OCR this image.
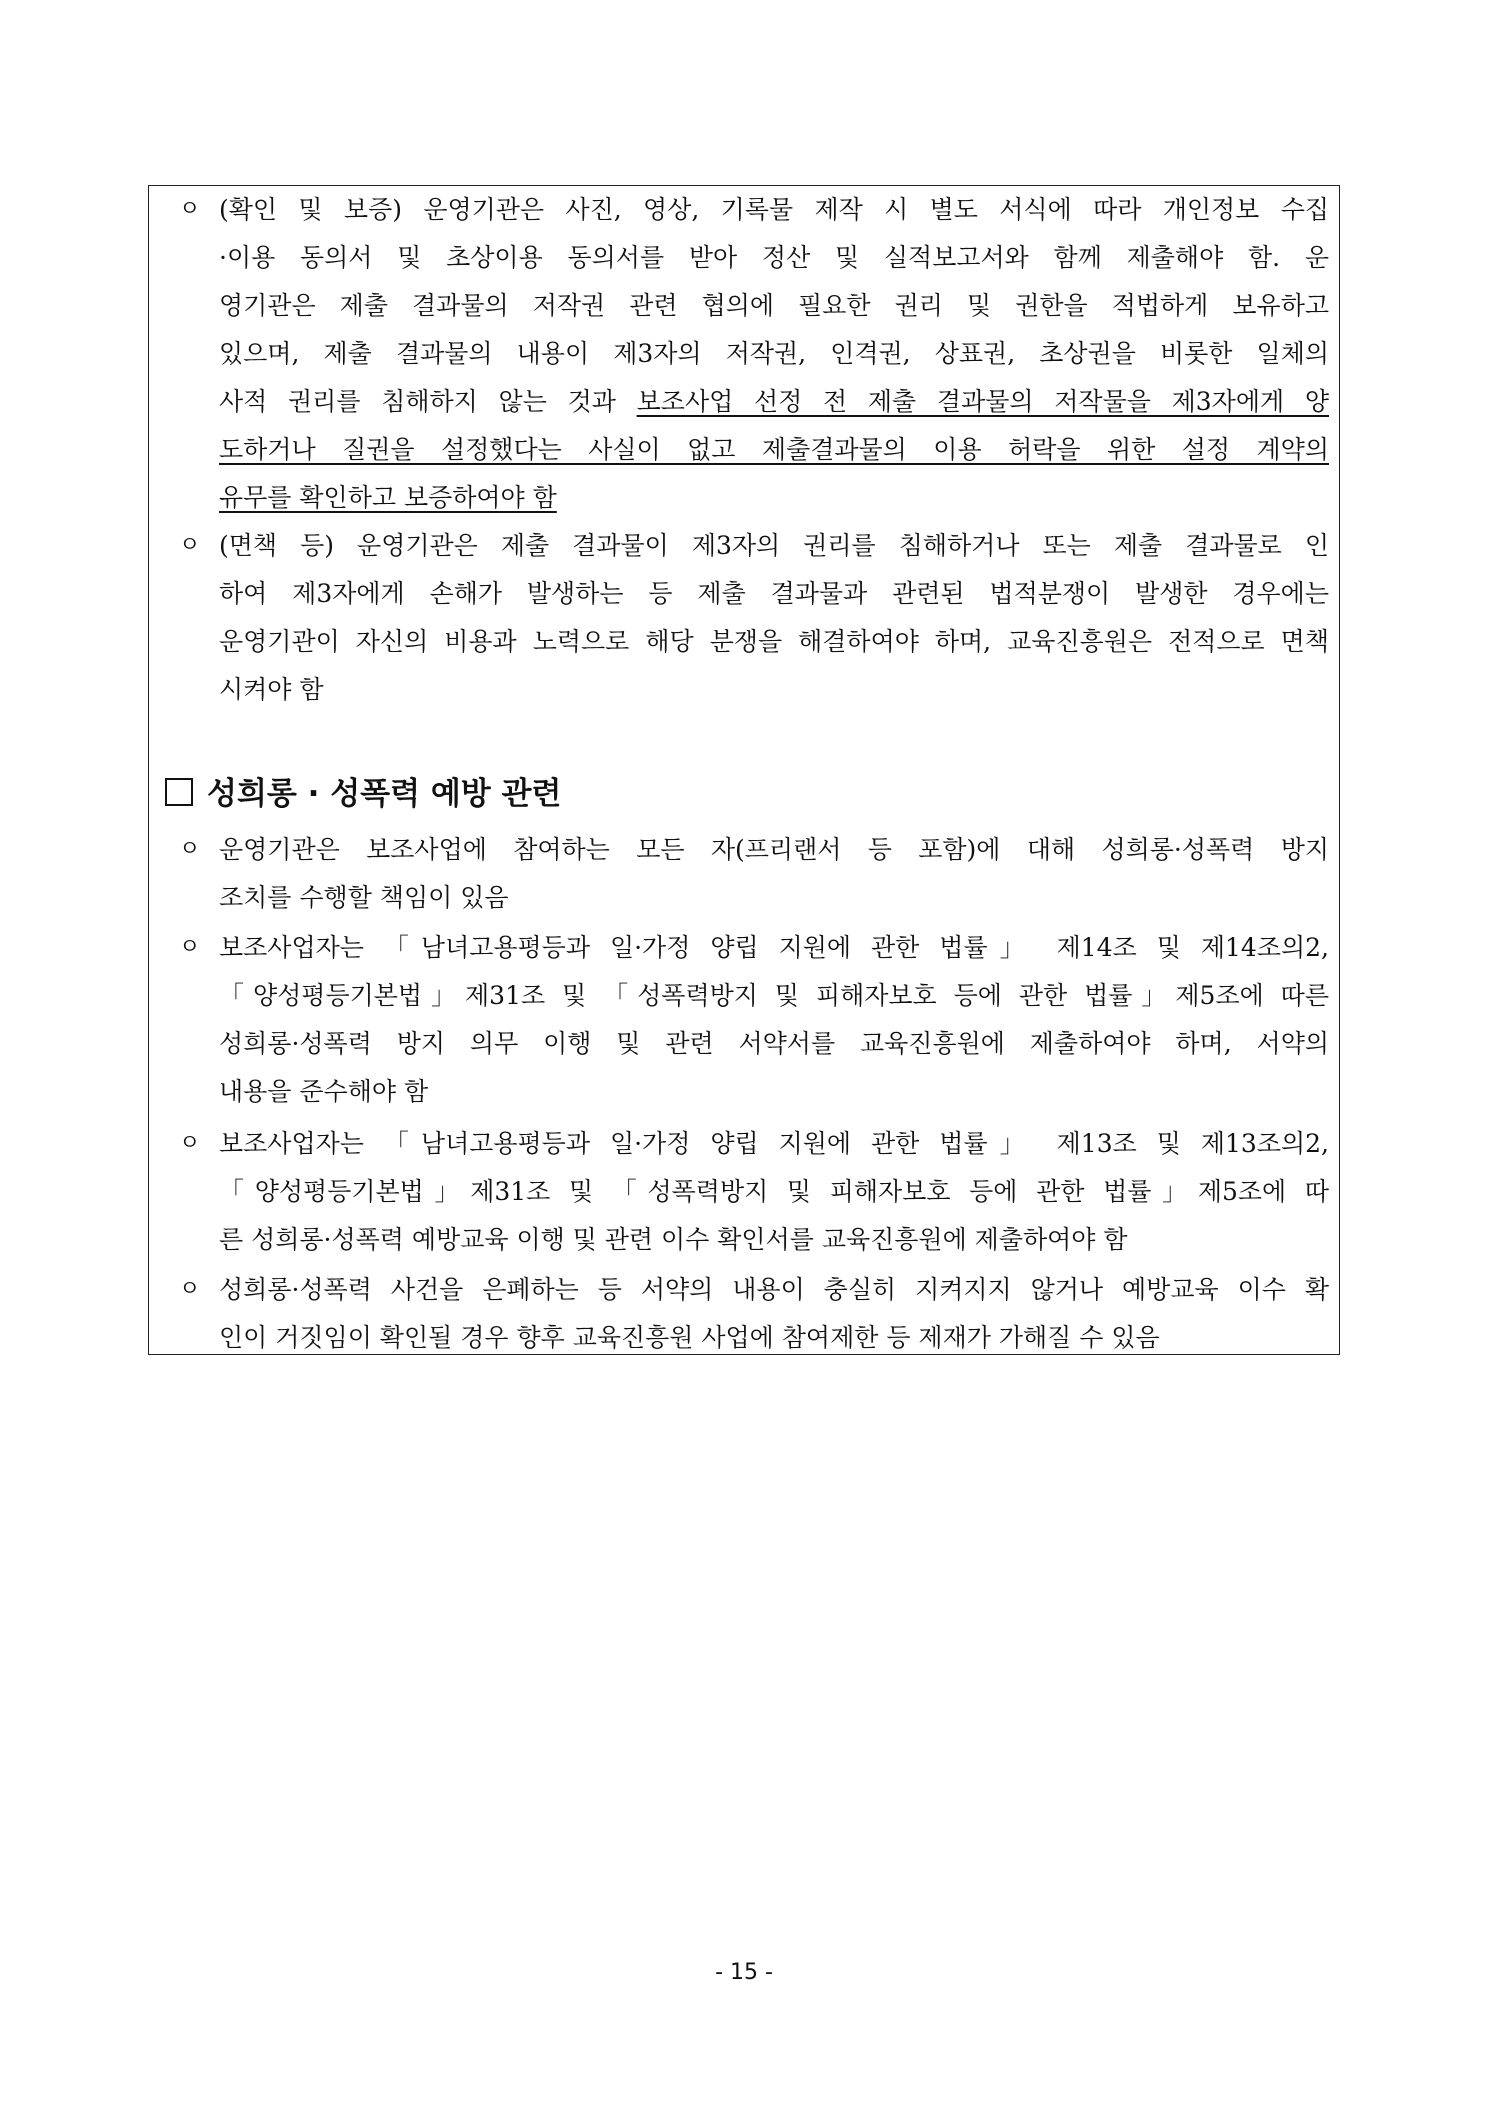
ㅇ (확인 및 보증) 운영기관은 사진, 영상, 기록물 제작 시 별도 서식에 따라 개인정보 수집
·이용 동의서 및 초상이용 동의서를 받아 정산 및 실적보고서와 함께 제출해야 함. 운
영기관은 제출 결과물의 저작권 관련 협의에 필요한 권리 및 권한을 적법하게 보유하고
있으며, 제출 결과물의 내용이 제3자의 저작권, 인격권, 상표권, 초상권을 비롯한 일체의
사적 권리를 침해하지 않는 것과 보조사업 선정 전 제출 결과물의 저작물을 제3자에게 양
도하거나 질권을 설정했다는 사실이 없고 제출결과물의 이용 허락을 위한 설정 계약의
유무를 확인하고 보증하여야 함
ㅇ (면책 등) 운영기관은 제출 결과물이 제3자의 권리를 침해하거나 또는 제출 결과물로 인
하여 제3자에게 손해가 발생하는 등 제출 결과물과 관련된 법적분쟁이 발생한 경우에는
운영기관이 자신의 비용과 노력으로 해당 분쟁을 해결하여야 하며, 교육진흥원은 전적으로 면책
시켜야 함
성희롱 · 성폭력 예방 관련
ㅇ 운영기관은 보조사업에 참여하는 모든 자(프리랜서 등 포함)에 대해 성희롱·성폭력 방지
조치를 수행할 책임이 있음
ㅇ 보조사업자는 「남녀고용평등과 일·가정 양립 지원에 관한 법률」 제14조 및 제14조의2,
「양성평등기본법」제31조 및 「성폭력방지 및 피해자보호 등에 관한 법률」제5조에 따른
성희롱·성폭력 방지 의무 이행 및 관련 서약서를 교육진흥원에 제출하여야 하며, 서약의
내용을 준수해야 함
ㅇ 보조사업자는 「남녀고용평등과 일·가정 양립 지원에 관한 법률」 제13조 및 제13조의2,
「양성평등기본법」제31조 및 「성폭력방지 및 피해자보호 등에 관한 법률」제5조에 따
른 성희롱·성폭력 예방교육 이행 및 관련 이수 확인서를 교육진흥원에 제출하여야 함
ㅇ 성희롱·성폭력 사건을 은폐하는 등 서약의 내용이 충실히 지켜지지 않거나 예방교육 이수 확
인이 거짓임이 확인될 경우 향후 교육진흥원 사업에 참여제한 등 제재가 가해질 수 있음
- 15 -
